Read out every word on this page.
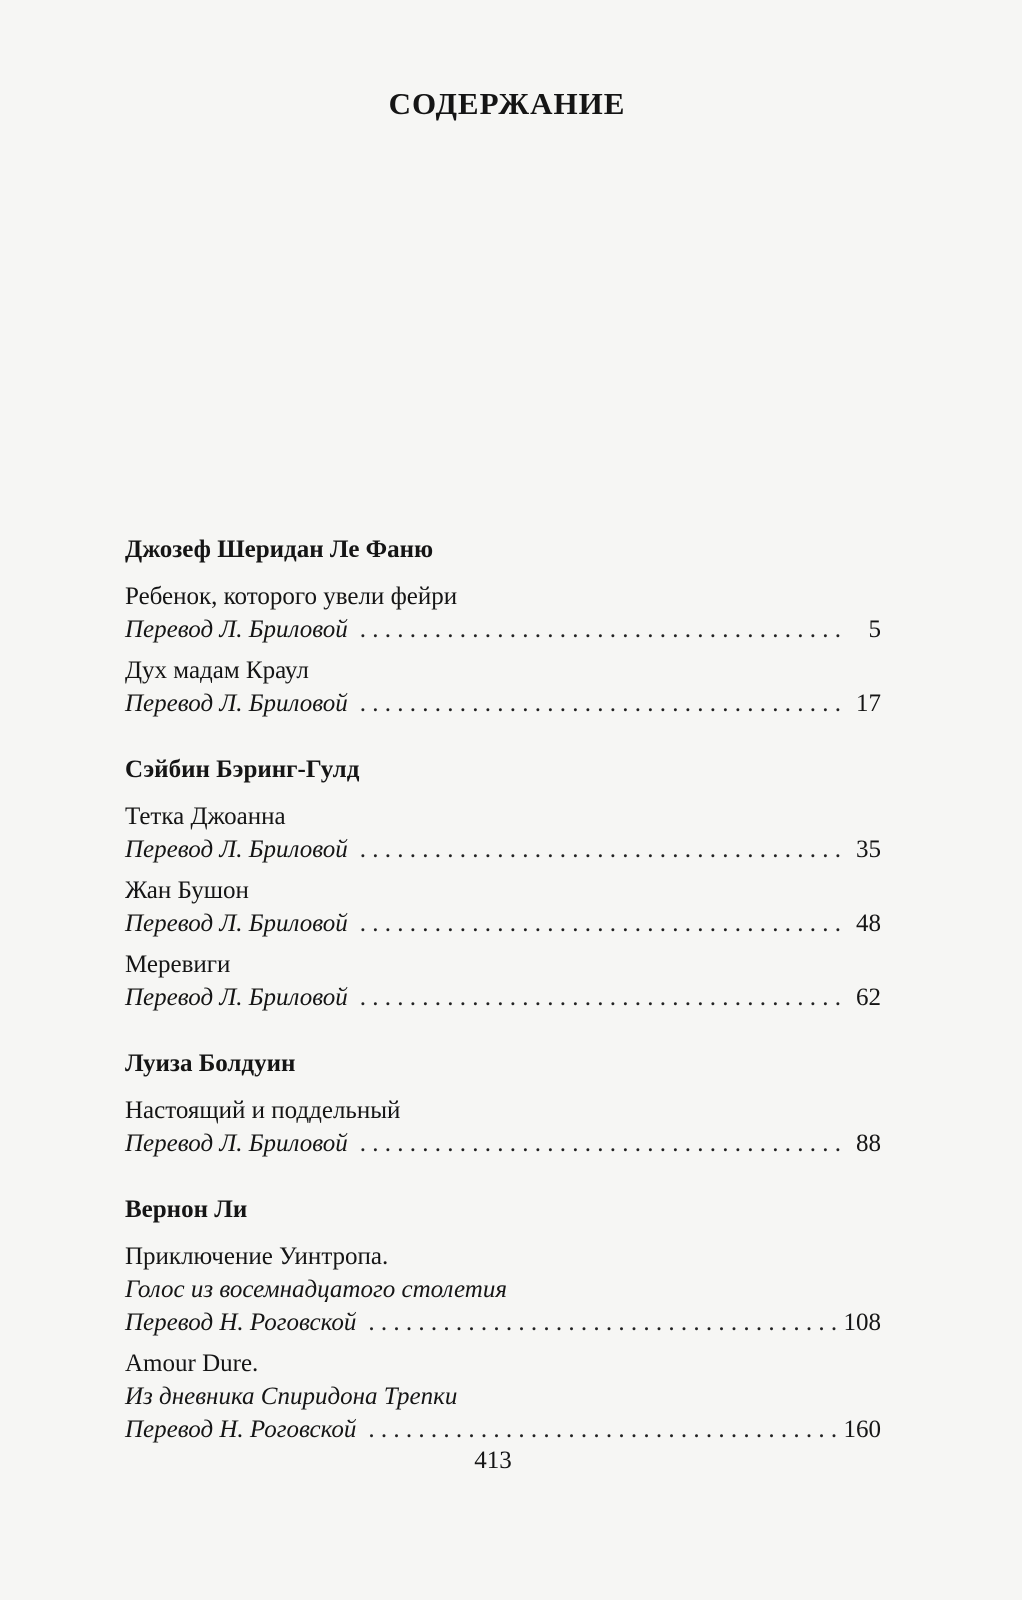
СОДЕРЖАНИЕ
Джозеф Шеридан Ле Фаню
Ребенок, которого увели фейри
Перевод Л. Бриловой . . .	5
Дух мадам Краул
Перевод Л. Бриловой . . .	17
Сэйбин Бэринг-Гулд
Тетка Джоанна
Перевод Л. Бриловой . . .	35
Жан Бушон
Перевод Л. Бриловой . . .	48
Меревиги
Перевод Л. Бриловой . . .	62
Луиза Болдуин
Настоящий и поддельный
Перевод Л. Бриловой . . .	88
Вернон Ли
Приключение Уинтропа.
Голос из восемнадцатого столетия
Перевод Н. Роговской . . .	108
Amour Dure.
Из дневника Спиридона Трепки
Перевод Н. Роговской . . .	160
413
